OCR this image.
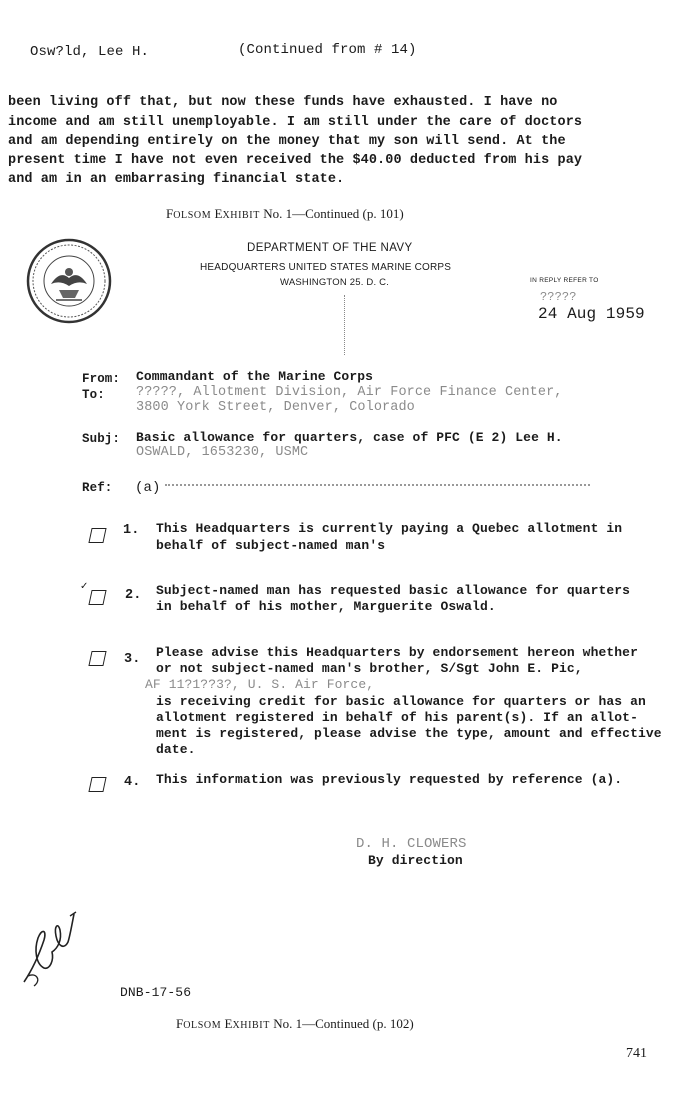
Osw?ld, Lee H.	(Continued from # 14)
been living off that, but now these funds have exhausted. I have no
income and am still unemployable. I am still under the care of doctors
and am depending entirely on the money that my son will send. At the
present time I have not even received the $40.00 deducted from his pay
and am in an embarrasing financial state.
FOLSOM EXHIBIT No. 1—Continued (p. 101)
DEPARTMENT OF THE NAVY
HEADQUARTERS UNITED STATES MARINE CORPS
WASHINGTON 25. D. C.	IN REPLY REFER TO
?????
24 Aug 1959
From: Commandant of the Marine Corps
To: ?????, Allotment Division, Air Force Finance Center,
3800 York Street, Denver, Colorado
Subj: Basic allowance for quarters, case of PFC (E 2) Lee H.
OSWALD, 1653230, USMC
Ref: (a)
1. This Headquarters is currently paying a Quebec allotment in
behalf of subject-named man's
✓
2. Subject-named man has requested basic allowance for quarters
in behalf of his mother, Marguerite Oswald.
3. Please advise this Headquarters by endorsement hereon whether
or not subject-named man's brother, S/Sgt John E. Pic,
AF 11?1??3?, U. S. Air Force,
is receiving credit for basic allowance for quarters or has an
allotment registered in behalf of his parent(s). If an allot-
ment is registered, please advise the type, amount and effective
date.
4. This information was previously requested by reference (a).
D. H. CLOWERS
By direction
DNB-17-56
FOLSOM EXHIBIT No. 1—Continued (p. 102)
741
